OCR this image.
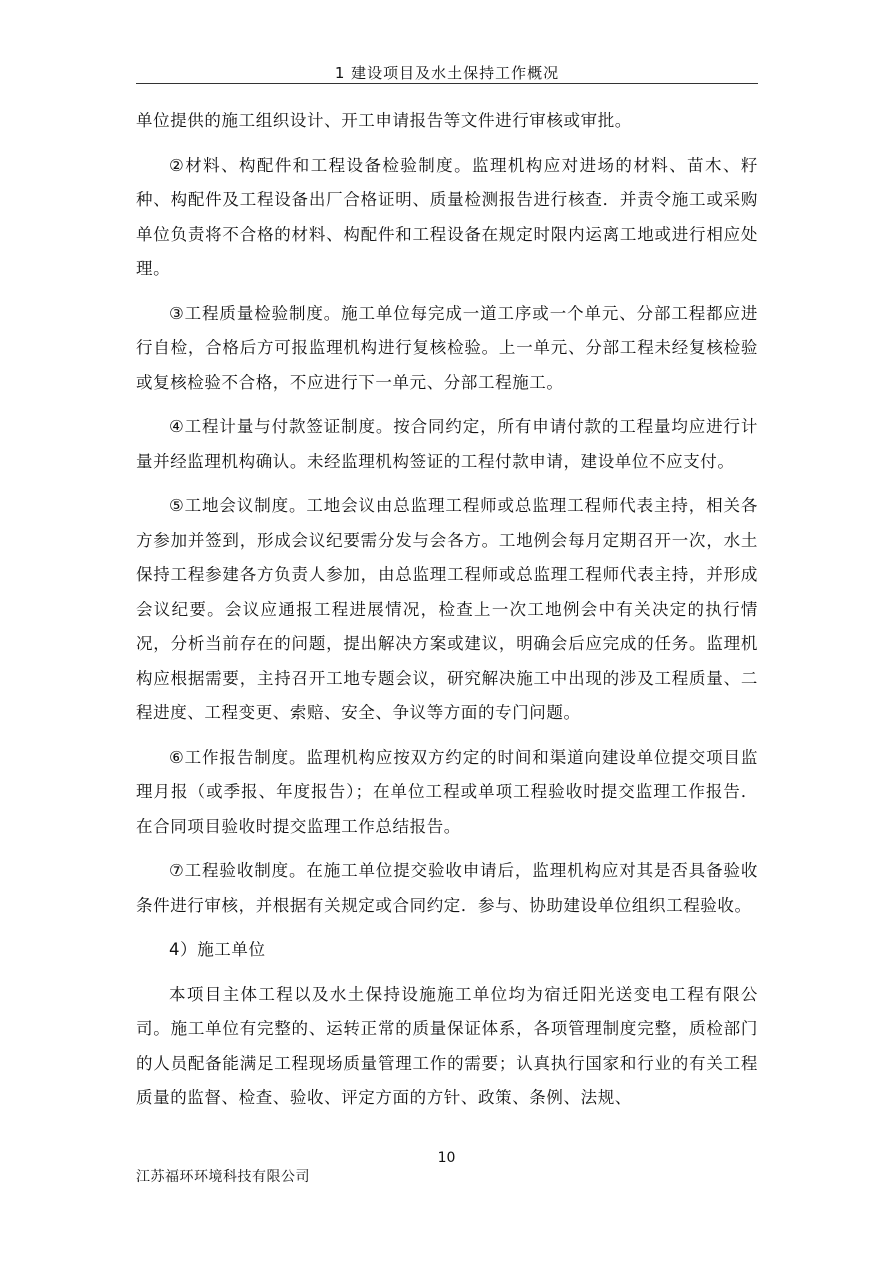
1 建设项目及水土保持工作概况

单位提供的施工组织设计、开工申请报告等文件进行审核或审批。

②材料、构配件和工程设备检验制度。监理机构应对进场的材料、苗木、籽种、构配件及工程设备出厂合格证明、质量检测报告进行核查．并责令施工或采购单位负责将不合格的材料、构配件和工程设备在规定时限内运离工地或进行相应处理。

③工程质量检验制度。施工单位每完成一道工序或一个单元、分部工程都应进行自检，合格后方可报监理机构进行复核检验。上一单元、分部工程未经复核检验或复核检验不合格，不应进行下一单元、分部工程施工。

④工程计量与付款签证制度。按合同约定，所有申请付款的工程量均应进行计量并经监理机构确认。未经监理机构签证的工程付款申请，建设单位不应支付。

⑤工地会议制度。工地会议由总监理工程师或总监理工程师代表主持，相关各方参加并签到，形成会议纪要需分发与会各方。工地例会每月定期召开一次，水土保持工程参建各方负责人参加，由总监理工程师或总监理工程师代表主持，并形成会议纪要。会议应通报工程进展情况，检查上一次工地例会中有关决定的执行情况，分析当前存在的问题，提出解决方案或建议，明确会后应完成的任务。监理机构应根据需要，主持召开工地专题会议，研究解决施工中出现的涉及工程质量、二程进度、工程变更、索赔、安全、争议等方面的专门问题。

⑥工作报告制度。监理机构应按双方约定的时间和渠道向建设单位提交项目监理月报（或季报、年度报告）；在单位工程或单项工程验收时提交监理工作报告．在合同项目验收时提交监理工作总结报告。

⑦工程验收制度。在施工单位提交验收申请后，监理机构应对其是否具备验收条件进行审核，并根据有关规定或合同约定．参与、协助建设单位组织工程验收。

4）施工单位

本项目主体工程以及水土保持设施施工单位均为宿迁阳光送变电工程有限公司。施工单位有完整的、运转正常的质量保证体系，各项管理制度完整，质检部门的人员配备能满足工程现场质量管理工作的需要；认真执行国家和行业的有关工程质量的监督、检查、验收、评定方面的方针、政策、条例、法规、

10
江苏福环环境科技有限公司
